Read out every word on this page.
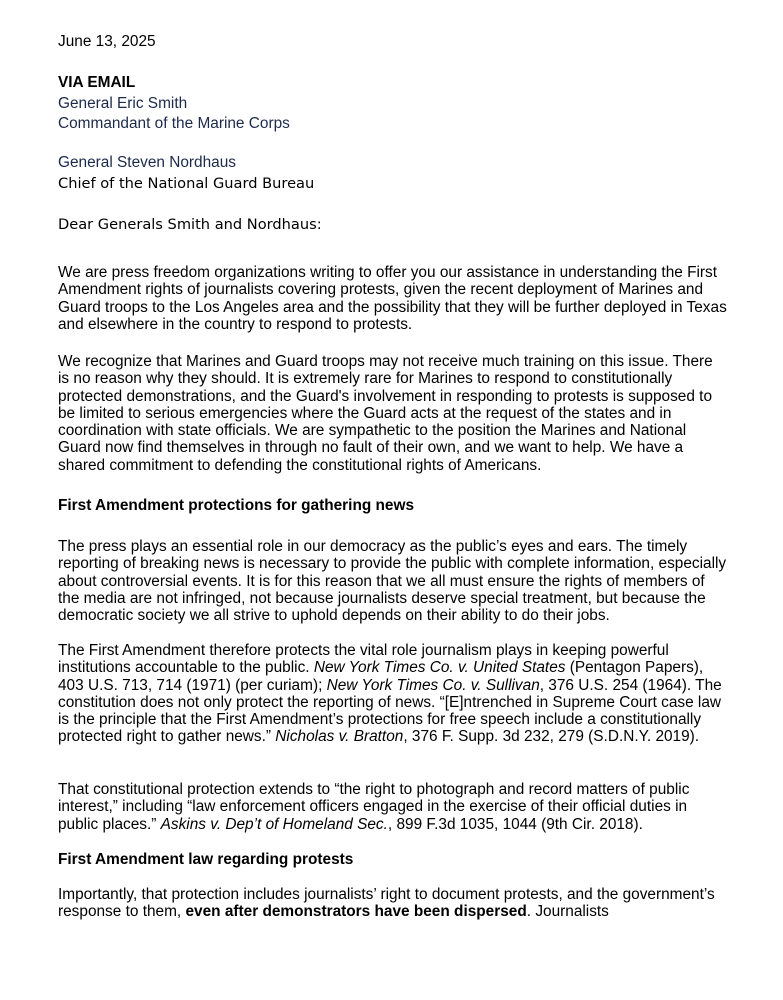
June 13, 2025

VIA EMAIL
General Eric Smith
Commandant of the Marine Corps
General Steven Nordhaus
Chief of the National Guard Bureau

Dear Generals Smith and Nordhaus:

We are press freedom organizations writing to offer you our assistance in understanding the First Amendment rights of journalists covering protests, given the recent deployment of Marines and Guard troops to the Los Angeles area and the possibility that they will be further deployed in Texas and elsewhere in the country to respond to protests.

We recognize that Marines and Guard troops may not receive much training on this issue. There is no reason why they should. It is extremely rare for Marines to respond to constitutionally protected demonstrations, and the Guard's involvement in responding to protests is supposed to be limited to serious emergencies where the Guard acts at the request of the states and in coordination with state officials. We are sympathetic to the position the Marines and National Guard now find themselves in through no fault of their own, and we want to help. We have a shared commitment to defending the constitutional rights of Americans.

First Amendment protections for gathering news

The press plays an essential role in our democracy as the public’s eyes and ears. The timely reporting of breaking news is necessary to provide the public with complete information, especially about controversial events. It is for this reason that we all must ensure the rights of members of the media are not infringed, not because journalists deserve special treatment, but because the democratic society we all strive to uphold depends on their ability to do their jobs.

The First Amendment therefore protects the vital role journalism plays in keeping powerful institutions accountable to the public. New York Times Co. v. United States (Pentagon Papers), 403 U.S. 713, 714 (1971) (per curiam); New York Times Co. v. Sullivan, 376 U.S. 254 (1964). The constitution does not only protect the reporting of news. “[E]ntrenched in Supreme Court case law is the principle that the First Amendment’s protections for free speech include a constitutionally protected right to gather news.” Nicholas v. Bratton, 376 F. Supp. 3d 232, 279 (S.D.N.Y. 2019).

That constitutional protection extends to “the right to photograph and record matters of public interest,” including “law enforcement officers engaged in the exercise of their official duties in public places.” Askins v. Dep’t of Homeland Sec., 899 F.3d 1035, 1044 (9th Cir. 2018).

First Amendment law regarding protests

Importantly, that protection includes journalists’ right to document protests, and the government’s response to them, even after demonstrators have been dispersed. Journalists
